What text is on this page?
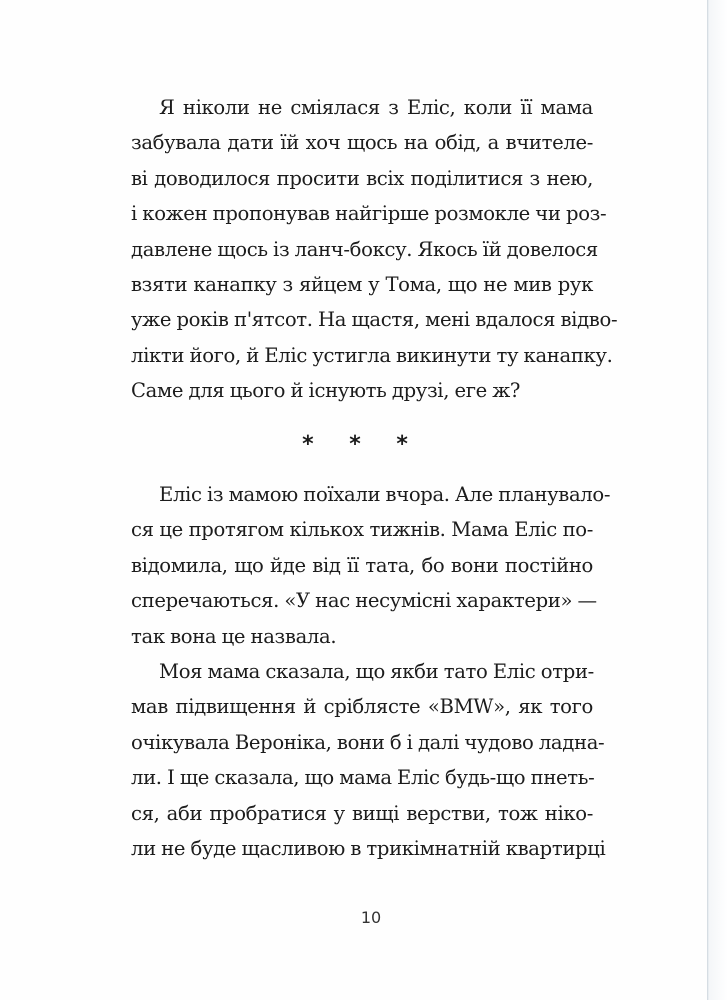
Я ніколи не сміялася з Еліс, коли її мама
забувала дати їй хоч щось на обід, а вчителе-
ві доводилося просити всіх поділитися з нею,
і кожен пропонував найгірше розмокле чи роз-
давлене щось із ланч-боксу. Якось їй довелося
взяти канапку з яйцем у Тома, що не мив рук
уже років п'ятсот. На щастя, мені вдалося відво-
лікти його, й Еліс устигла викинути ту канапку.
Саме для цього й існують друзі, еге ж?
* * *
Еліс із мамою поїхали вчора. Але планувало-
ся це протягом кількох тижнів. Мама Еліс по-
відомила, що йде від її тата, бо вони постійно
сперечаються. «У нас несумісні характери» —
так вона це назвала.
Моя мама сказала, що якби тато Еліс отри-
мав підвищення й сріблясте «BMW», як того
очікувала Вероніка, вони б і далі чудово ладна-
ли. І ще сказала, що мама Еліс будь-що пнеть-
ся, аби пробратися у вищі верстви, тож ніко-
ли не буде щасливою в трикімнатній квартирці
10
